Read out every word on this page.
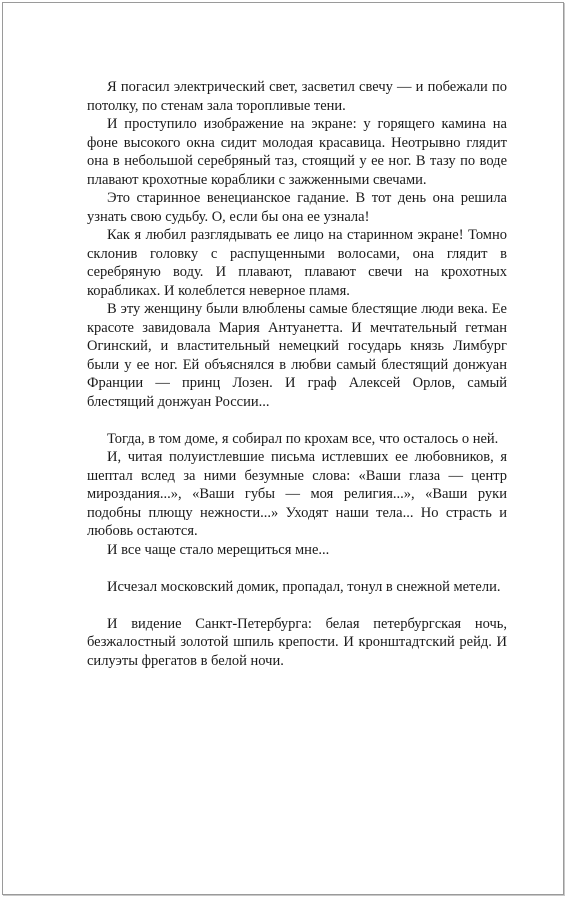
Я погасил электрический свет, засветил свечу — и побежали по потолку, по стенам зала торопливые тени.

И проступило изображение на экране: у горящего камина на фоне высокого окна сидит молодая красавица. Неотрывно глядит она в небольшой серебряный таз, стоящий у ее ног. В тазу по воде плавают крохотные кораблики с зажженными свечами.

Это старинное венецианское гадание. В тот день она решила узнать свою судьбу. О, если бы она ее узнала!

Как я любил разглядывать ее лицо на старинном экране! Томно склонив головку с распущенными волосами, она глядит в серебряную воду. И плавают, плавают свечи на крохотных корабликах. И колеблется неверное пламя.

В эту женщину были влюблены самые блестящие люди века. Ее красоте завидовала Мария Антуанетта. И мечтательный гетман Огинский, и властительный немецкий государь князь Лимбург были у ее ног. Ей объяснялся в любви самый блестящий донжуан Франции — принц Лозен. И граф Алексей Орлов, самый блестящий донжуан России...

Тогда, в том доме, я собирал по крохам все, что осталось о ней.

И, читая полуистлевшие письма истлевших ее любовников, я шептал вслед за ними безумные слова: «Ваши глаза — центр мироздания...», «Ваши губы — моя религия...», «Ваши руки подобны плющу нежности...» Уходят наши тела... Но страсть и любовь остаются.

И все чаще стало мерещиться мне...

Исчезал московский домик, пропадал, тонул в снежной метели.

И видение Санкт-Петербурга: белая петербургская ночь, безжалостный золотой шпиль крепости. И кронштадтский рейд. И силуэты фрегатов в белой ночи.
